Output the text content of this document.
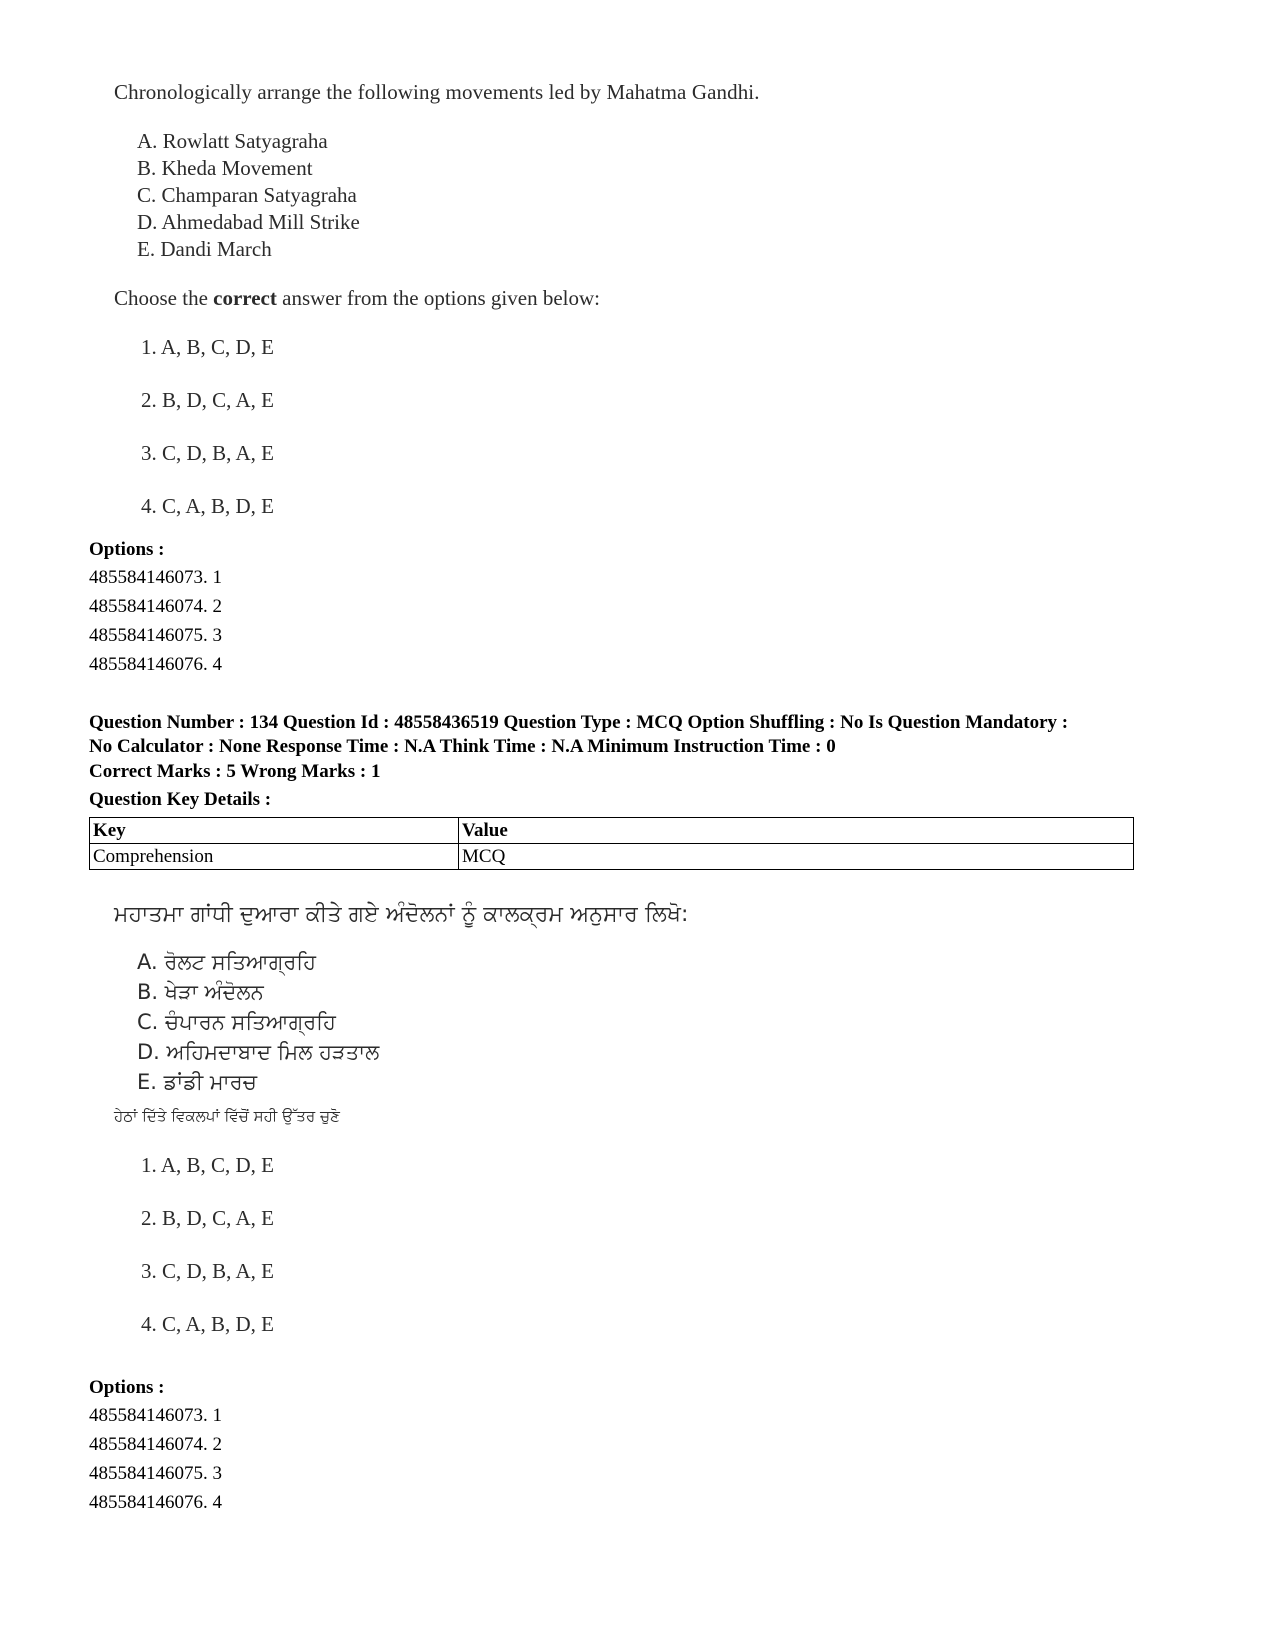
Chronologically arrange the following movements led by Mahatma Gandhi.
A. Rowlatt Satyagraha
B. Kheda Movement
C. Champaran Satyagraha
D. Ahmedabad Mill Strike
E. Dandi March
Choose the correct answer from the options given below:
1. A, B, C, D, E
2. B, D, C, A, E
3. C, D, B, A, E
4. C, A, B, D, E
Options :
485584146073. 1
485584146074. 2
485584146075. 3
485584146076. 4
Question Number : 134 Question Id : 48558436519 Question Type : MCQ Option Shuffling : No Is Question Mandatory :
No Calculator : None Response Time : N.A Think Time : N.A Minimum Instruction Time : 0
Correct Marks : 5 Wrong Marks : 1
Question Key Details :
Key	Value
Comprehension	MCQ
ਮਹਾਤਮਾ ਗਾਂਧੀ ਦੁਆਰਾ ਕੀਤੇ ਗਏ ਅੰਦੋਲਨਾਂ ਨੂੰ ਕਾਲਕ੍ਰਮ ਅਨੁਸਾਰ ਲਿਖੋ:
A. ਰੋਲਟ ਸਤਿਆਗ੍ਰਹਿ
B. ਖੇੜਾ ਅੰਦੋਲਨ
C. ਚੰਪਾਰਨ ਸਤਿਆਗ੍ਰਹਿ
D. ਅਹਿਮਦਾਬਾਦ ਮਿਲ ਹੜਤਾਲ
E. ਡਾਂਡੀ ਮਾਰਚ
ਹੇਠਾਂ ਦਿੱਤੇ ਵਿਕਲਪਾਂ ਵਿੱਚੋਂ ਸਹੀ ਉੱਤਰ ਚੁਣੋ
1. A, B, C, D, E
2. B, D, C, A, E
3. C, D, B, A, E
4. C, A, B, D, E
Options :
485584146073. 1
485584146074. 2
485584146075. 3
485584146076. 4
